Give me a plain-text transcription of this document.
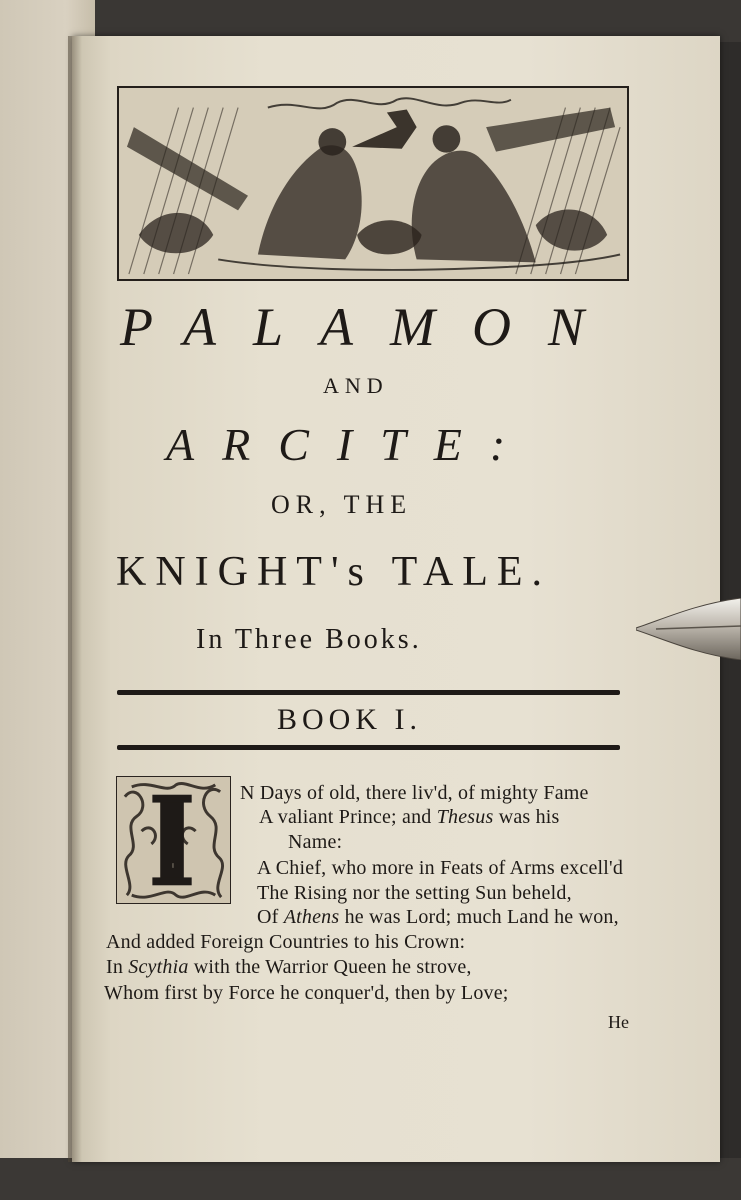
PALAMON
AND
ARCITE:
OR, THE
KNIGHT's TALE.
In Three Books.
BOOK I.
I
N Days of old, there liv'd, of mighty Fame
A valiant Prince; and Thesus was his
Name:
A Chief, who more in Feats of Arms excell'd
The Rising nor the setting Sun beheld,
Of Athens he was Lord; much Land he won,
And added Foreign Countries to his Crown:
In Scythia with the Warrior Queen he strove,
Whom first by Force he conquer'd, then by Love;
He
